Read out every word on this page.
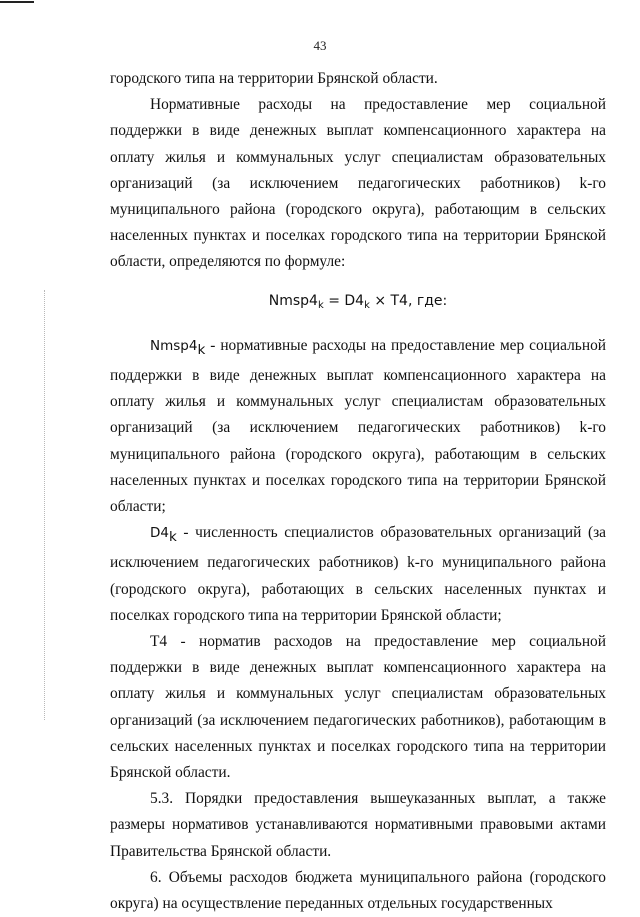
43

городского типа на территории Брянской области.

Нормативные расходы на предоставление мер социальной поддержки в виде денежных выплат компенсационного характера на оплату жилья и коммунальных услуг специалистам образовательных организаций (за исключением педагогических работников) k-го муниципального района (городского округа), работающим в сельских населенных пунктах и поселках городского типа на территории Брянской области, определяются по формуле:

$Nmsp4_k = D4_k \times T4$, где:

$Nmsp4_k$ - нормативные расходы на предоставление мер социальной поддержки в виде денежных выплат компенсационного характера на оплату жилья и коммунальных услуг специалистам образовательных организаций (за исключением педагогических работников) k-го муниципального района (городского округа), работающим в сельских населенных пунктах и поселках городского типа на территории Брянской области;

$D4_k$ - численность специалистов образовательных организаций (за исключением педагогических работников) k-го муниципального района (городского округа), работающих в сельских населенных пунктах и поселках городского типа на территории Брянской области;

Т4 - норматив расходов на предоставление мер социальной поддержки в виде денежных выплат компенсационного характера на оплату жилья и коммунальных услуг специалистам образовательных организаций (за исключением педагогических работников), работающим в сельских населенных пунктах и поселках городского типа на территории Брянской области.

5.3. Порядки предоставления вышеуказанных выплат, а также размеры нормативов устанавливаются нормативными правовыми актами Правительства Брянской области.

6. Объемы расходов бюджета муниципального района (городского округа) на осуществление переданных отдельных государственных
